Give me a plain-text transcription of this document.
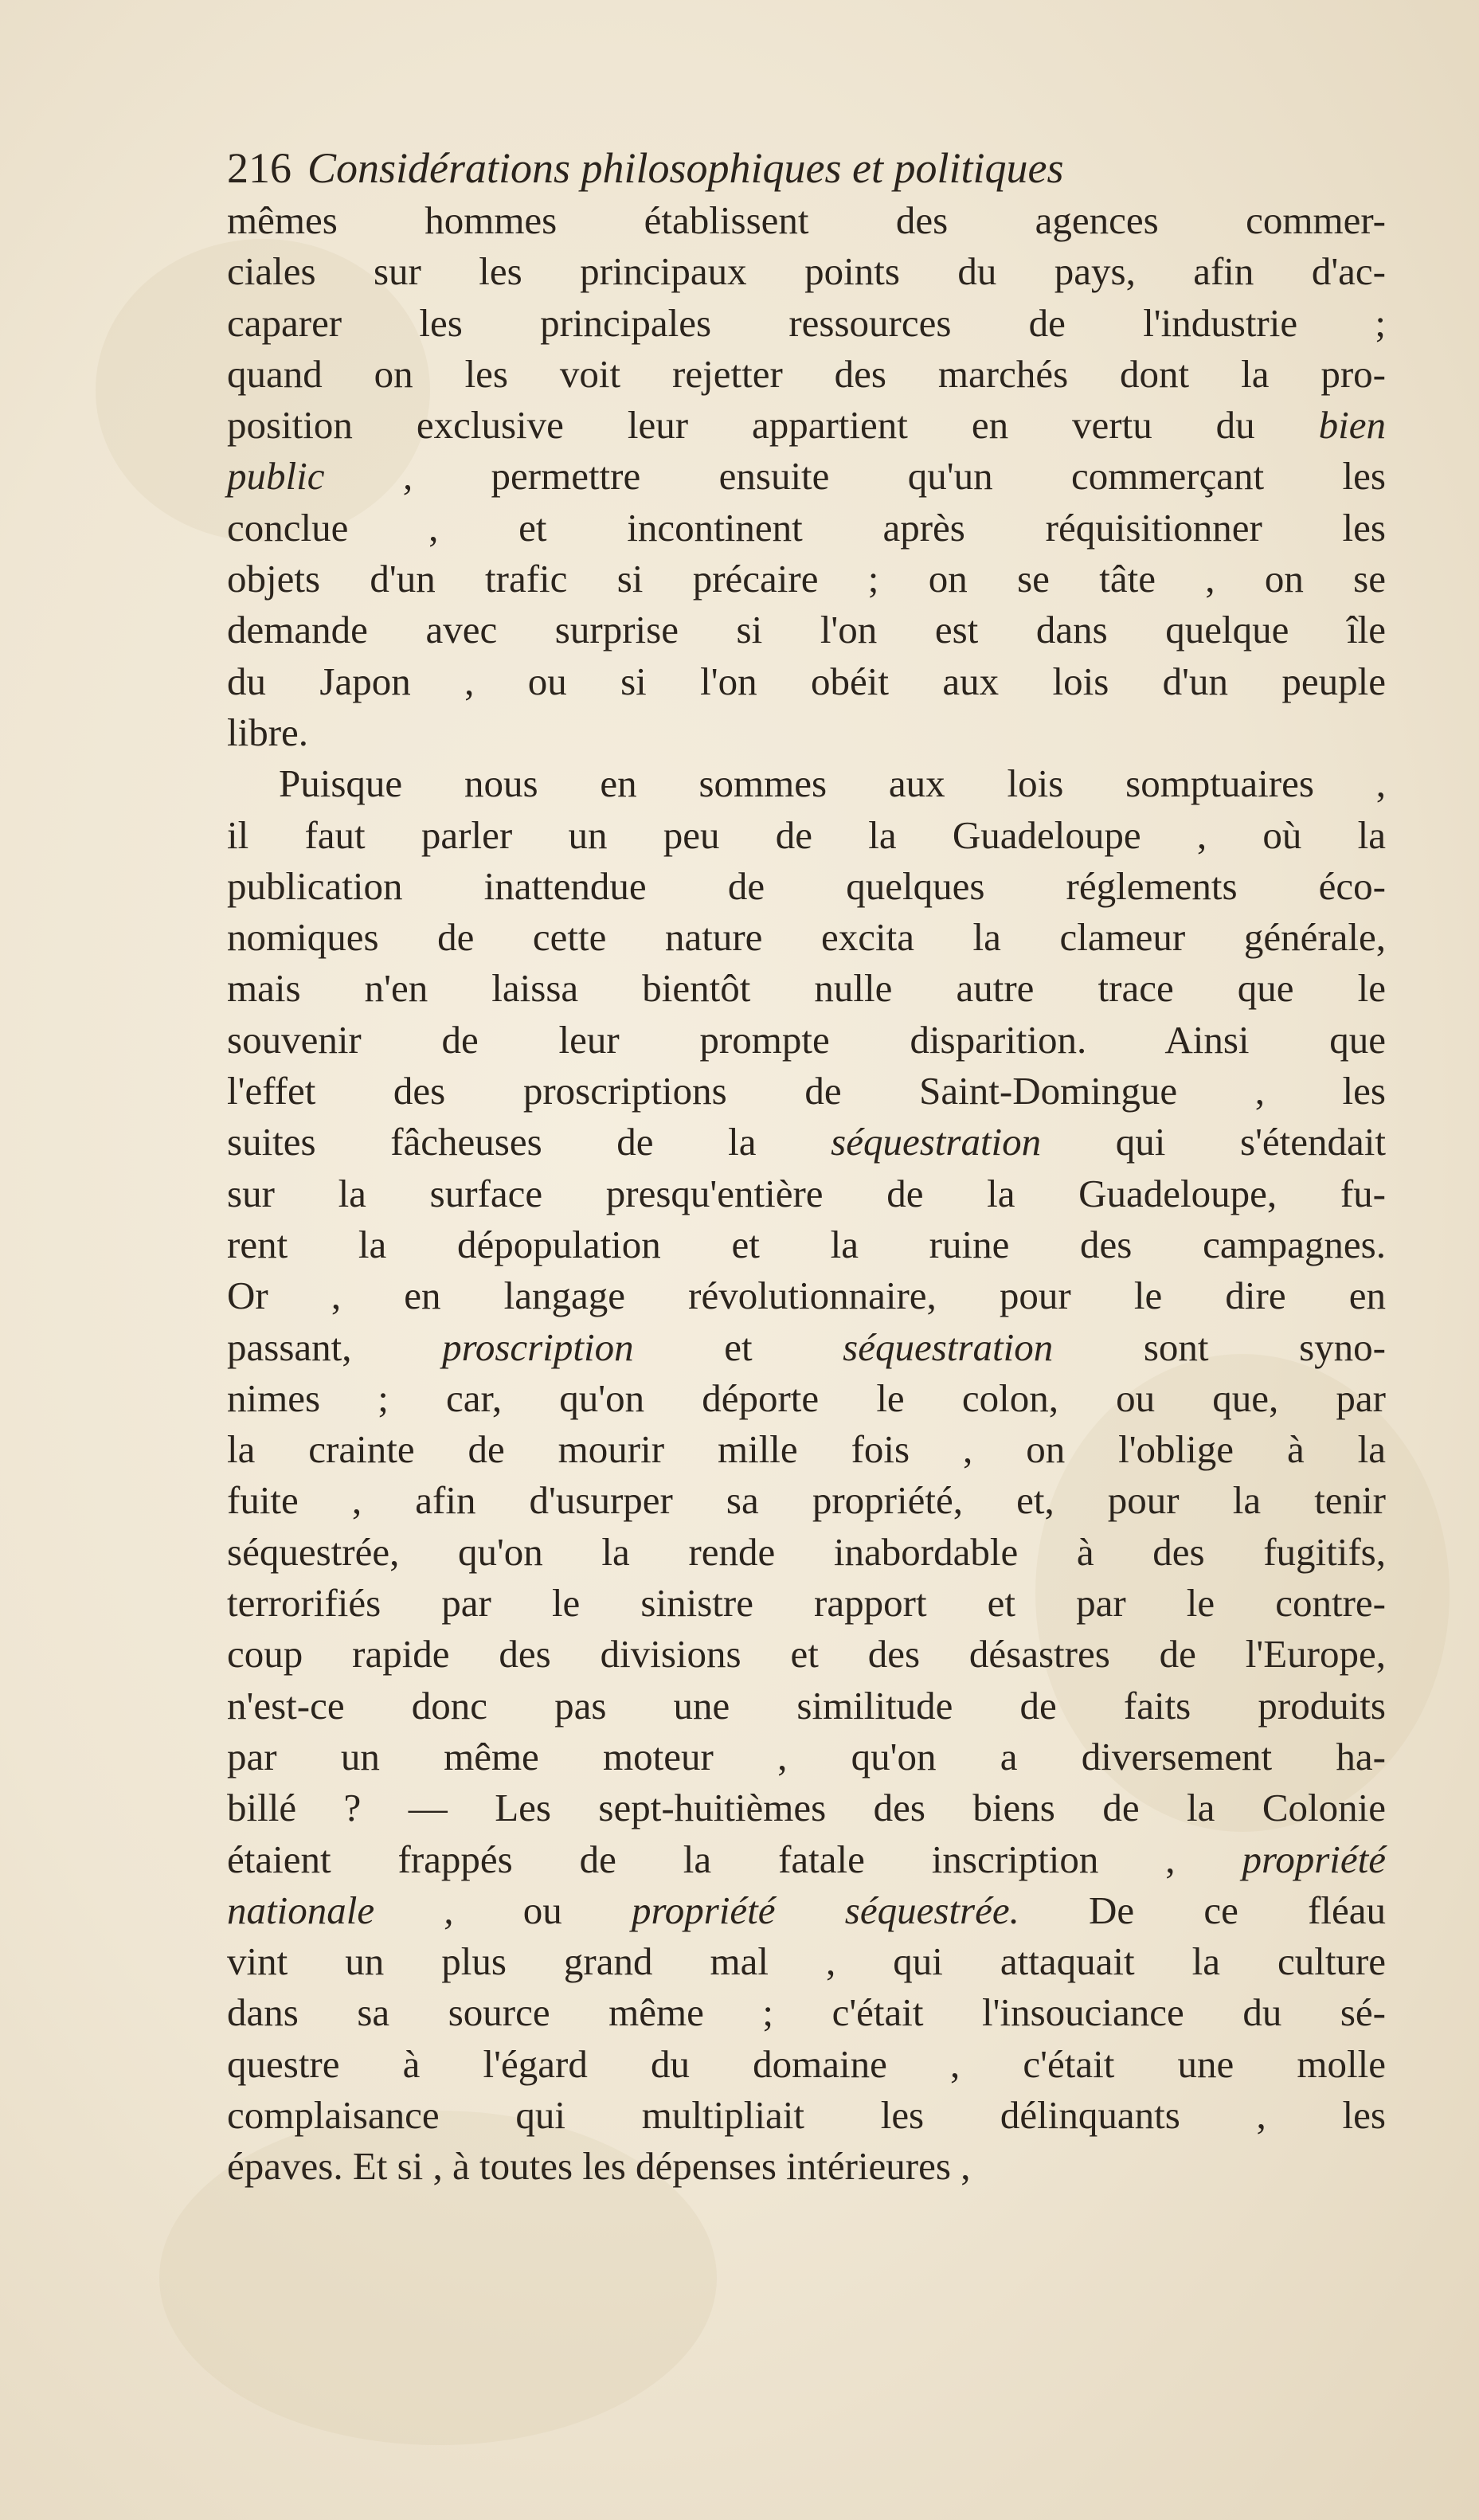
216 Considérations philosophiques et politiques
mêmes hommes établissent des agences commer-
ciales sur les principaux points du pays, afin d'ac-
caparer les principales ressources de l'industrie ;
quand on les voit rejetter des marchés dont la pro-
position exclusive leur appartient en vertu du bien
public , permettre ensuite qu'un commerçant les
conclue , et incontinent après réquisitionner les
objets d'un trafic si précaire ; on se tâte , on se
demande avec surprise si l'on est dans quelque île
du Japon , ou si l'on obéit aux lois d'un peuple
libre.
Puisque nous en sommes aux lois somptuaires ,
il faut parler un peu de la Guadeloupe , où la
publication inattendue de quelques réglements éco-
nomiques de cette nature excita la clameur générale,
mais n'en laissa bientôt nulle autre trace que le
souvenir de leur prompte disparition. Ainsi que
l'effet des proscriptions de Saint-Domingue , les
suites fâcheuses de la séquestration qui s'étendait
sur la surface presqu'entière de la Guadeloupe, fu-
rent la dépopulation et la ruine des campagnes.
Or , en langage révolutionnaire, pour le dire en
passant, proscription et séquestration sont syno-
nimes ; car, qu'on déporte le colon, ou que, par
la crainte de mourir mille fois , on l'oblige à la
fuite , afin d'usurper sa propriété, et, pour la tenir
séquestrée, qu'on la rende inabordable à des fugitifs,
terrorifiés par le sinistre rapport et par le contre-
coup rapide des divisions et des désastres de l'Europe,
n'est-ce donc pas une similitude de faits produits
par un même moteur , qu'on a diversement ha-
billé ? — Les sept-huitièmes des biens de la Colonie
étaient frappés de la fatale inscription , propriété
nationale , ou propriété séquestrée. De ce fléau
vint un plus grand mal , qui attaquait la culture
dans sa source même ; c'était l'insouciance du sé-
questre à l'égard du domaine , c'était une molle
complaisance qui multipliait les délinquants , les
épaves. Et si , à toutes les dépenses intérieures ,
